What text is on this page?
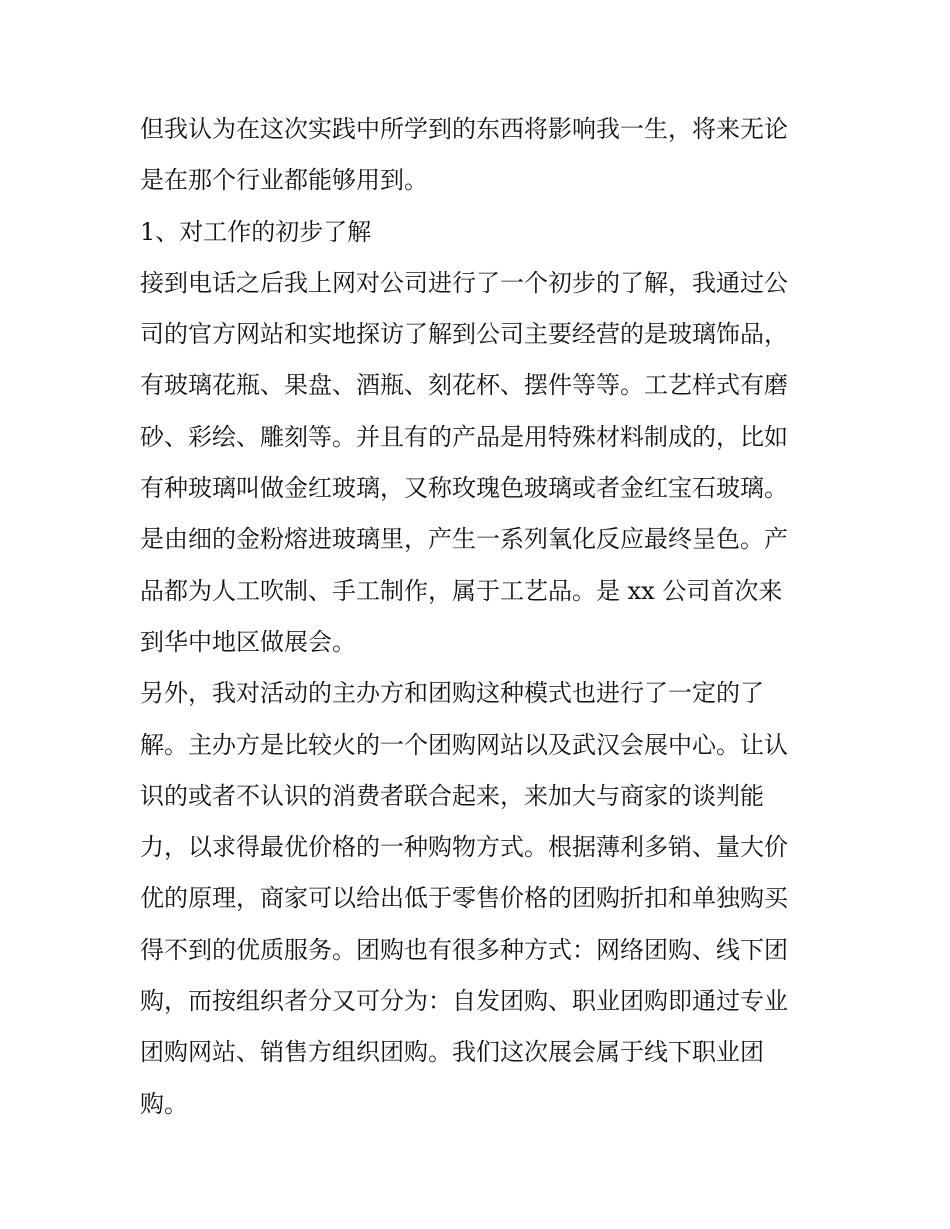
但我认为在这次实践中所学到的东西将影响我一生，将来无论
是在那个行业都能够用到。
1、对工作的初步了解
接到电话之后我上网对公司进行了一个初步的了解，我通过公
司的官方网站和实地探访了解到公司主要经营的是玻璃饰品，
有玻璃花瓶、果盘、酒瓶、刻花杯、摆件等等。工艺样式有磨
砂、彩绘、雕刻等。并且有的产品是用特殊材料制成的，比如
有种玻璃叫做金红玻璃，又称玫瑰色玻璃或者金红宝石玻璃。
是由细的金粉熔进玻璃里，产生一系列氧化反应最终呈色。产
品都为人工吹制、手工制作，属于工艺品。是 xx 公司首次来
到华中地区做展会。
另外，我对活动的主办方和团购这种模式也进行了一定的了
解。主办方是比较火的一个团购网站以及武汉会展中心。让认
识的或者不认识的消费者联合起来，来加大与商家的谈判能
力，以求得最优价格的一种购物方式。根据薄利多销、量大价
优的原理，商家可以给出低于零售价格的团购折扣和单独购买
得不到的优质服务。团购也有很多种方式：网络团购、线下团
购，而按组织者分又可分为：自发团购、职业团购即通过专业
团购网站、销售方组织团购。我们这次展会属于线下职业团
购。
